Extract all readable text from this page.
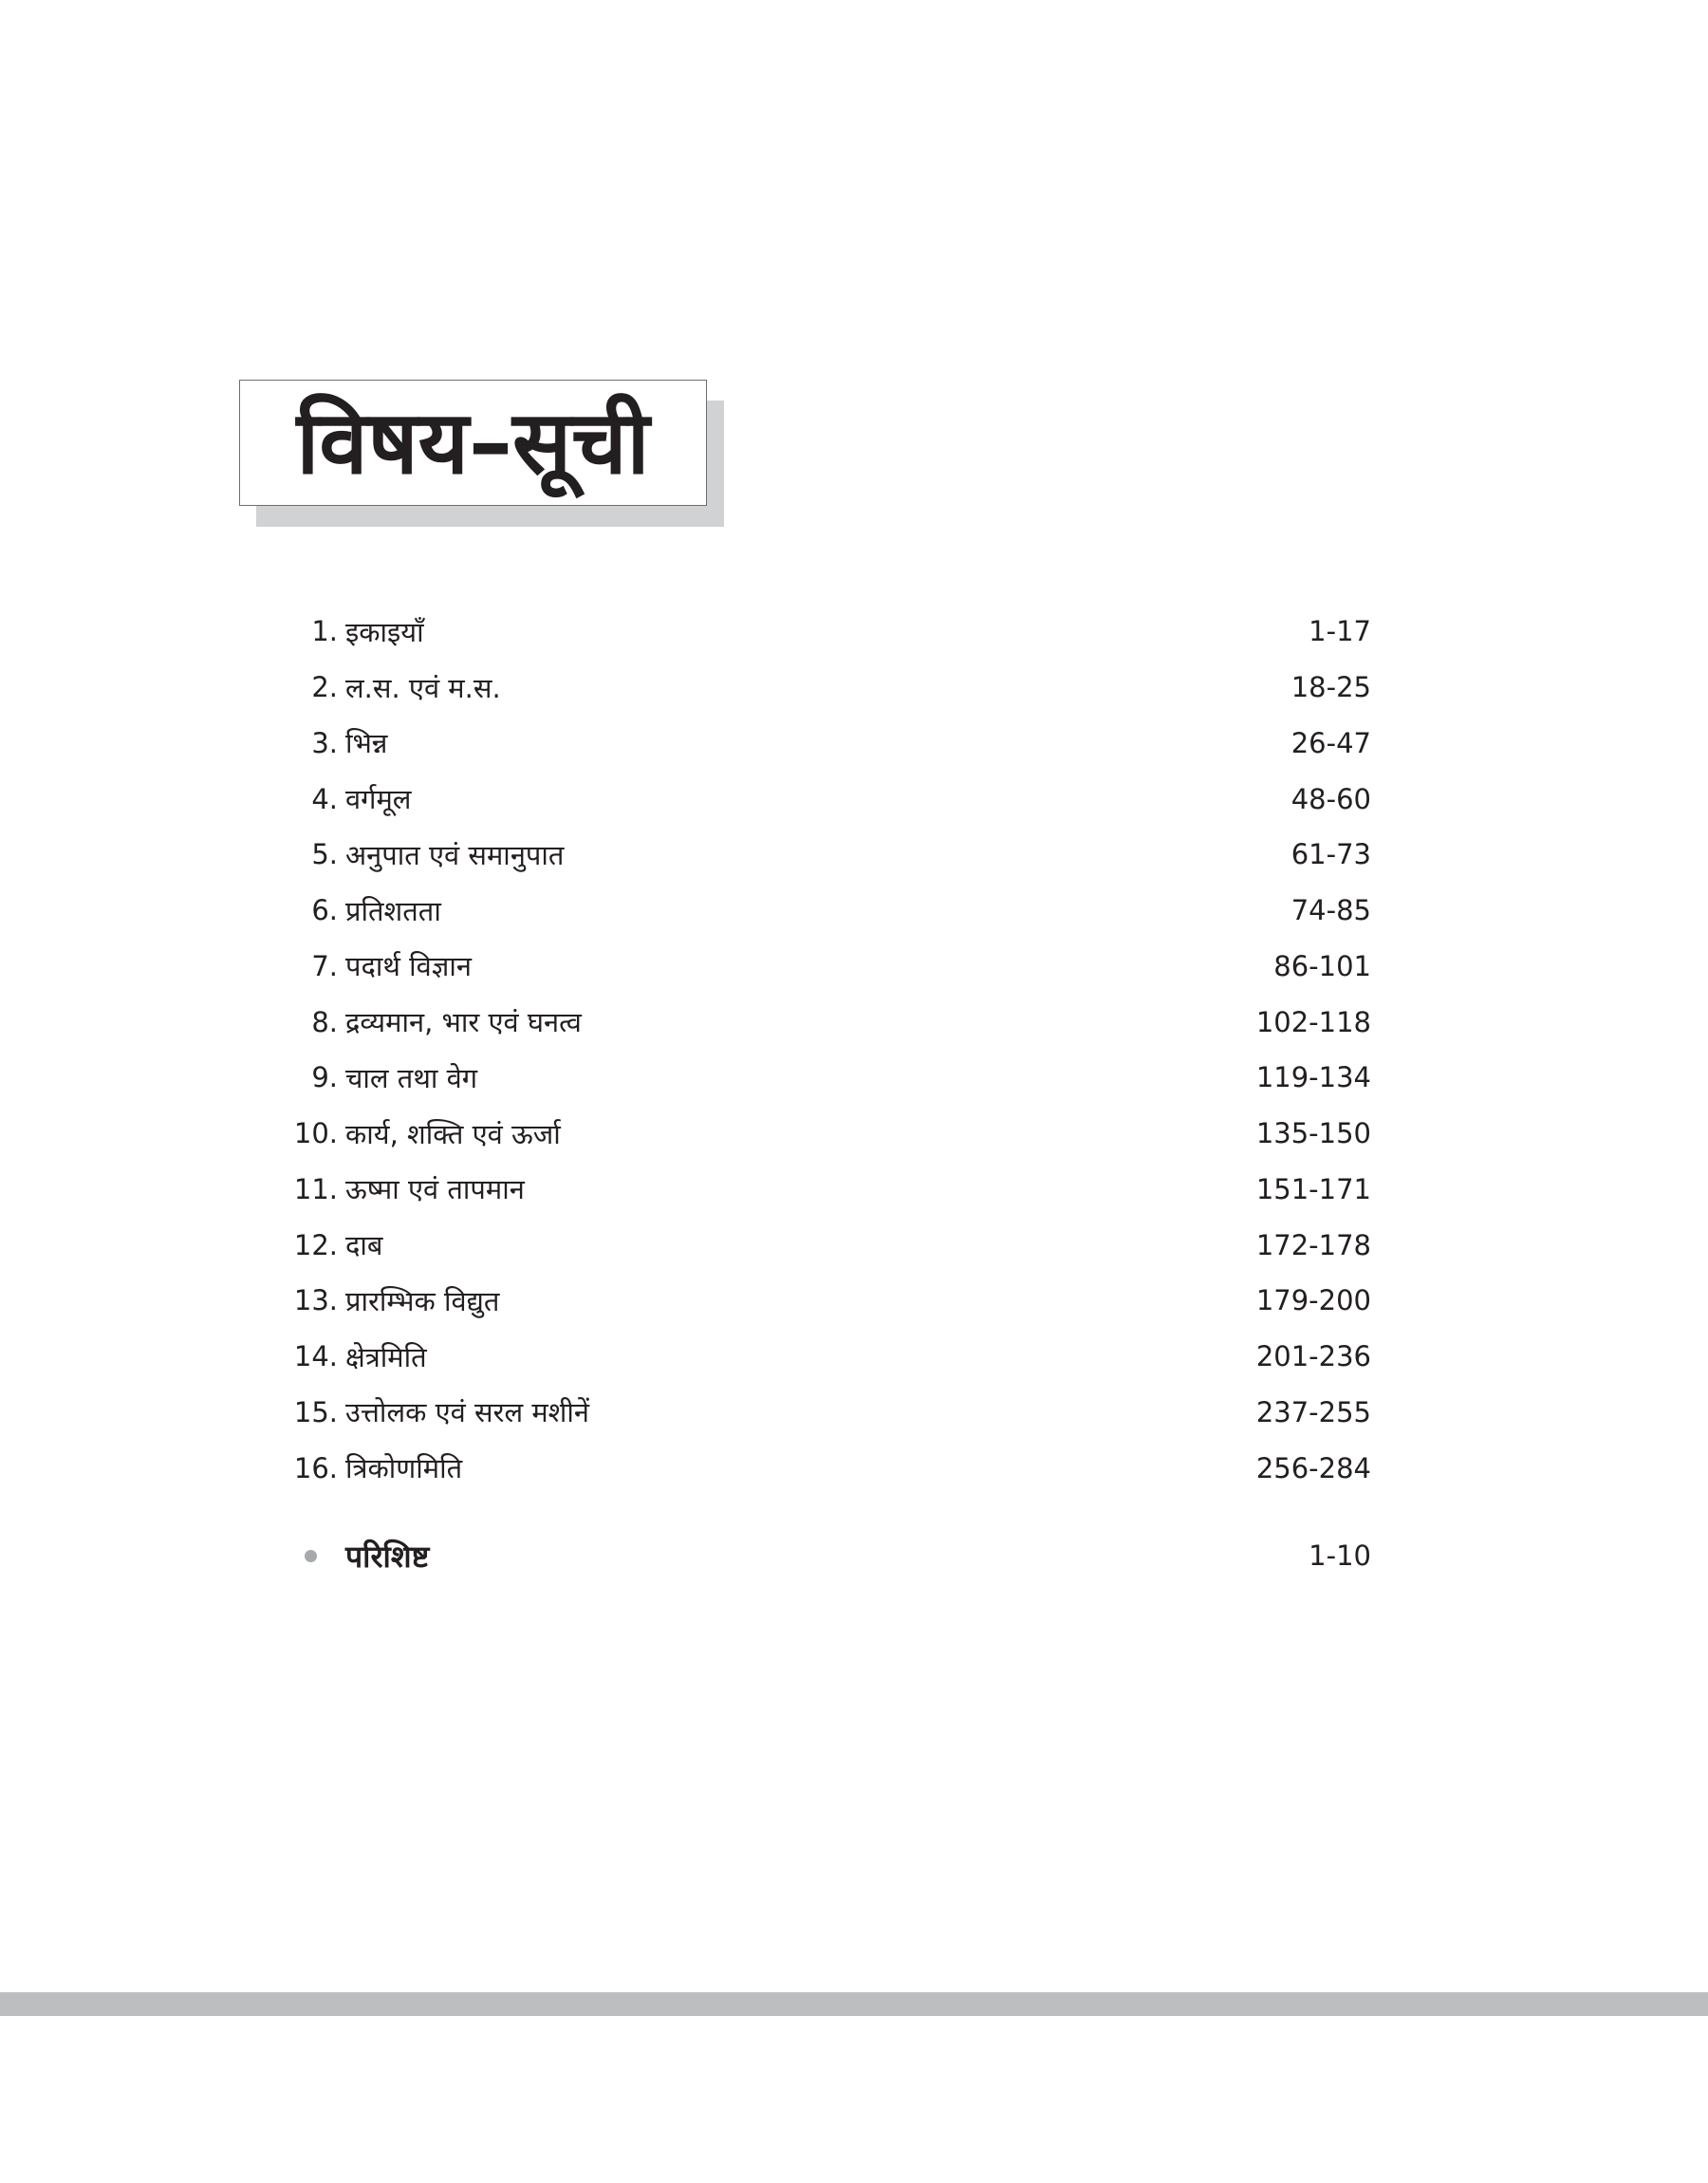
विषय–सूची
1. इकाइयाँ	1-17
2. ल.स. एवं म.स.	18-25
3. भिन्न	26-47
4. वर्गमूल	48-60
5. अनुपात एवं समानुपात	61-73
6. प्रतिशतता	74-85
7. पदार्थ विज्ञान	86-101
8. द्रव्यमान, भार एवं घनत्व	102-118
9. चाल तथा वेग	119-134
10. कार्य, शक्ति एवं ऊर्जा	135-150
11. ऊष्मा एवं तापमान	151-171
12. दाब	172-178
13. प्रारम्भिक विद्युत	179-200
14. क्षेत्रमिति	201-236
15. उत्तोलक एवं सरल मशीनें	237-255
16. त्रिकोणमिति	256-284
परिशिष्ट	1-10
